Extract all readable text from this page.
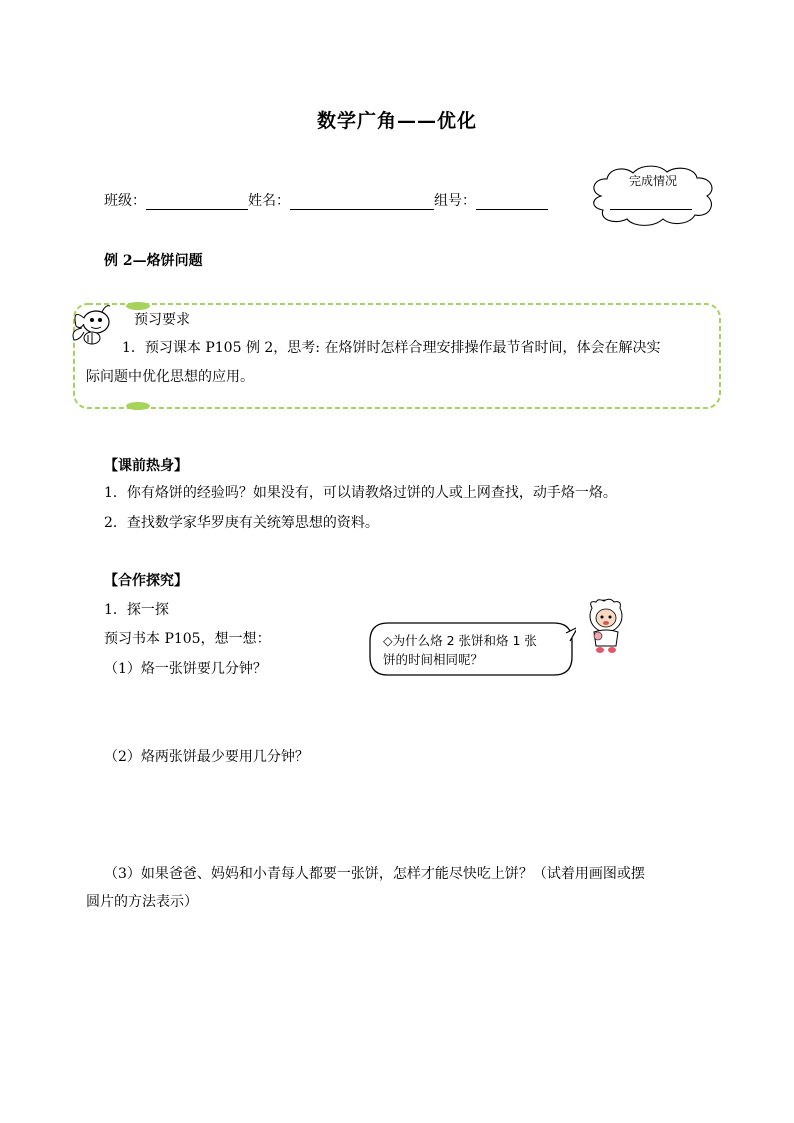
数学广角——优化
班级：	姓名：	组号：
完成情况
例 2—烙饼问题
预习要求
1．预习课本 P105 例 2，思考: 在烙饼时怎样合理安排操作最节省时间，体会在解决实
际问题中优化思想的应用。
【课前热身】
1．你有烙饼的经验吗？如果没有，可以请教烙过饼的人或上网查找，动手烙一烙。
2．查找数学家华罗庚有关统筹思想的资料。
【合作探究】
1．探一探
预习书本 P105，想一想：
（1）烙一张饼要几分钟？
（2）烙两张饼最少要用几分钟？
（3）如果爸爸、妈妈和小青每人都要一张饼，怎样才能尽快吃上饼？（试着用画图或摆
圆片的方法表示）
◇为什么烙 2 张饼和烙 1 张
饼的时间相同呢？
